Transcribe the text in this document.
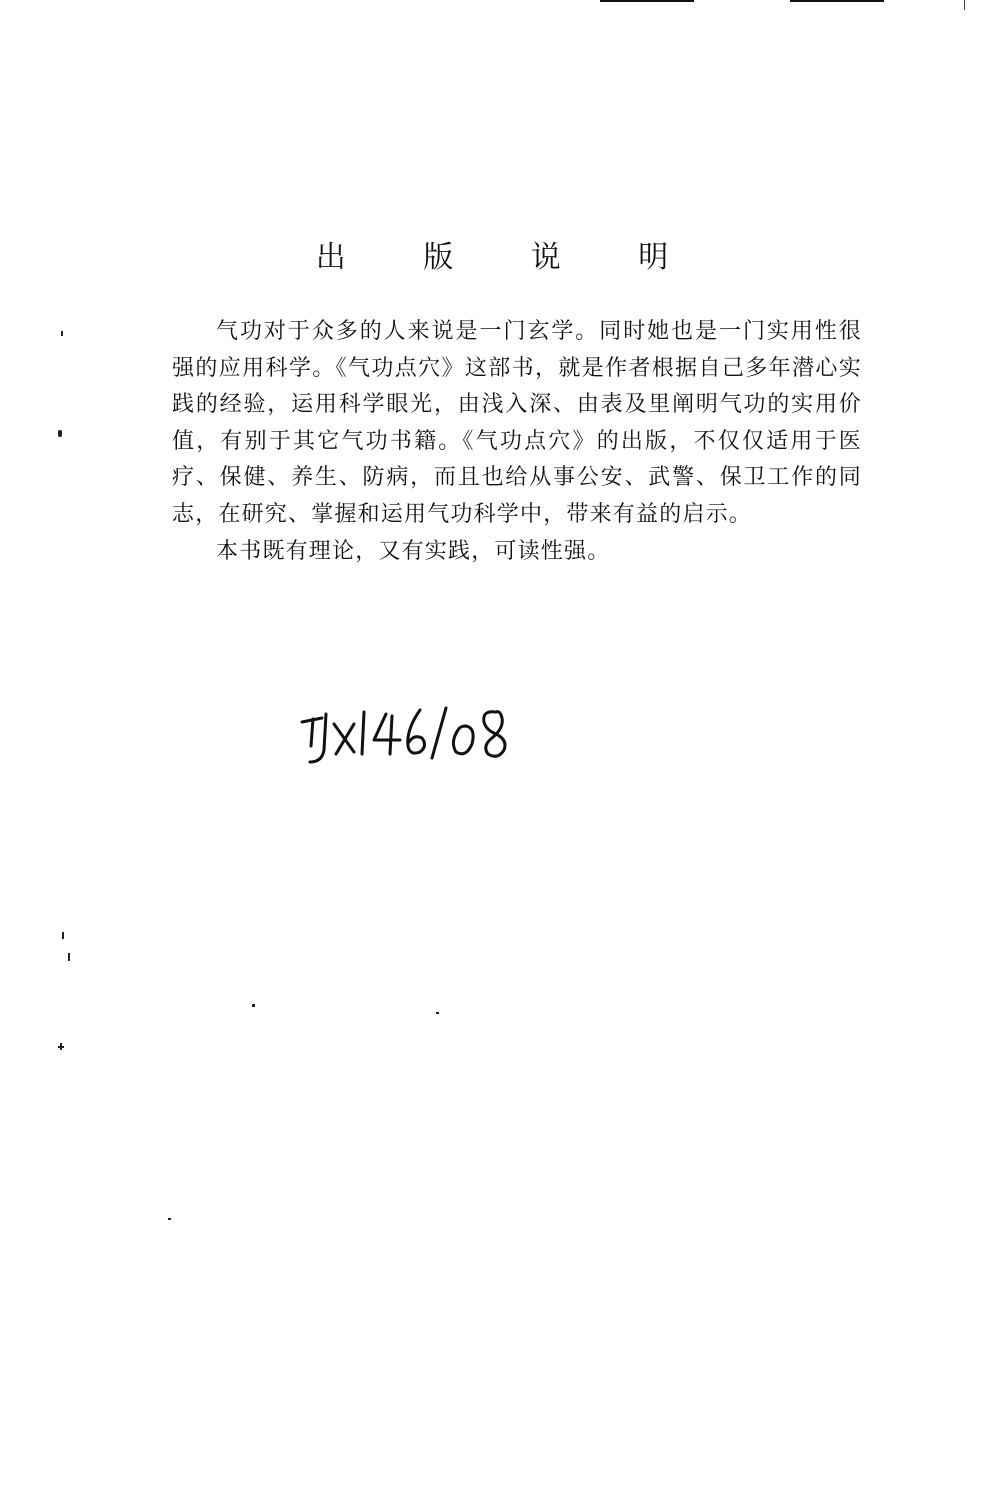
出 版 说 明

气功对于众多的人来说是一门玄学。同时她也是一门实用性很强的应用科学。《气功点穴》这部书，就是作者根据自己多年潜心实践的经验，运用科学眼光，由浅入深、由表及里阐明气功的实用价值，有别于其它气功书籍。《气功点穴》的出版，不仅仅适用于医疗、保健、养生、防病，而且也给从事公安、武警、保卫工作的同志，在研究、掌握和运用气功科学中，带来有益的启示。

本书既有理论，又有实践，可读性强。
